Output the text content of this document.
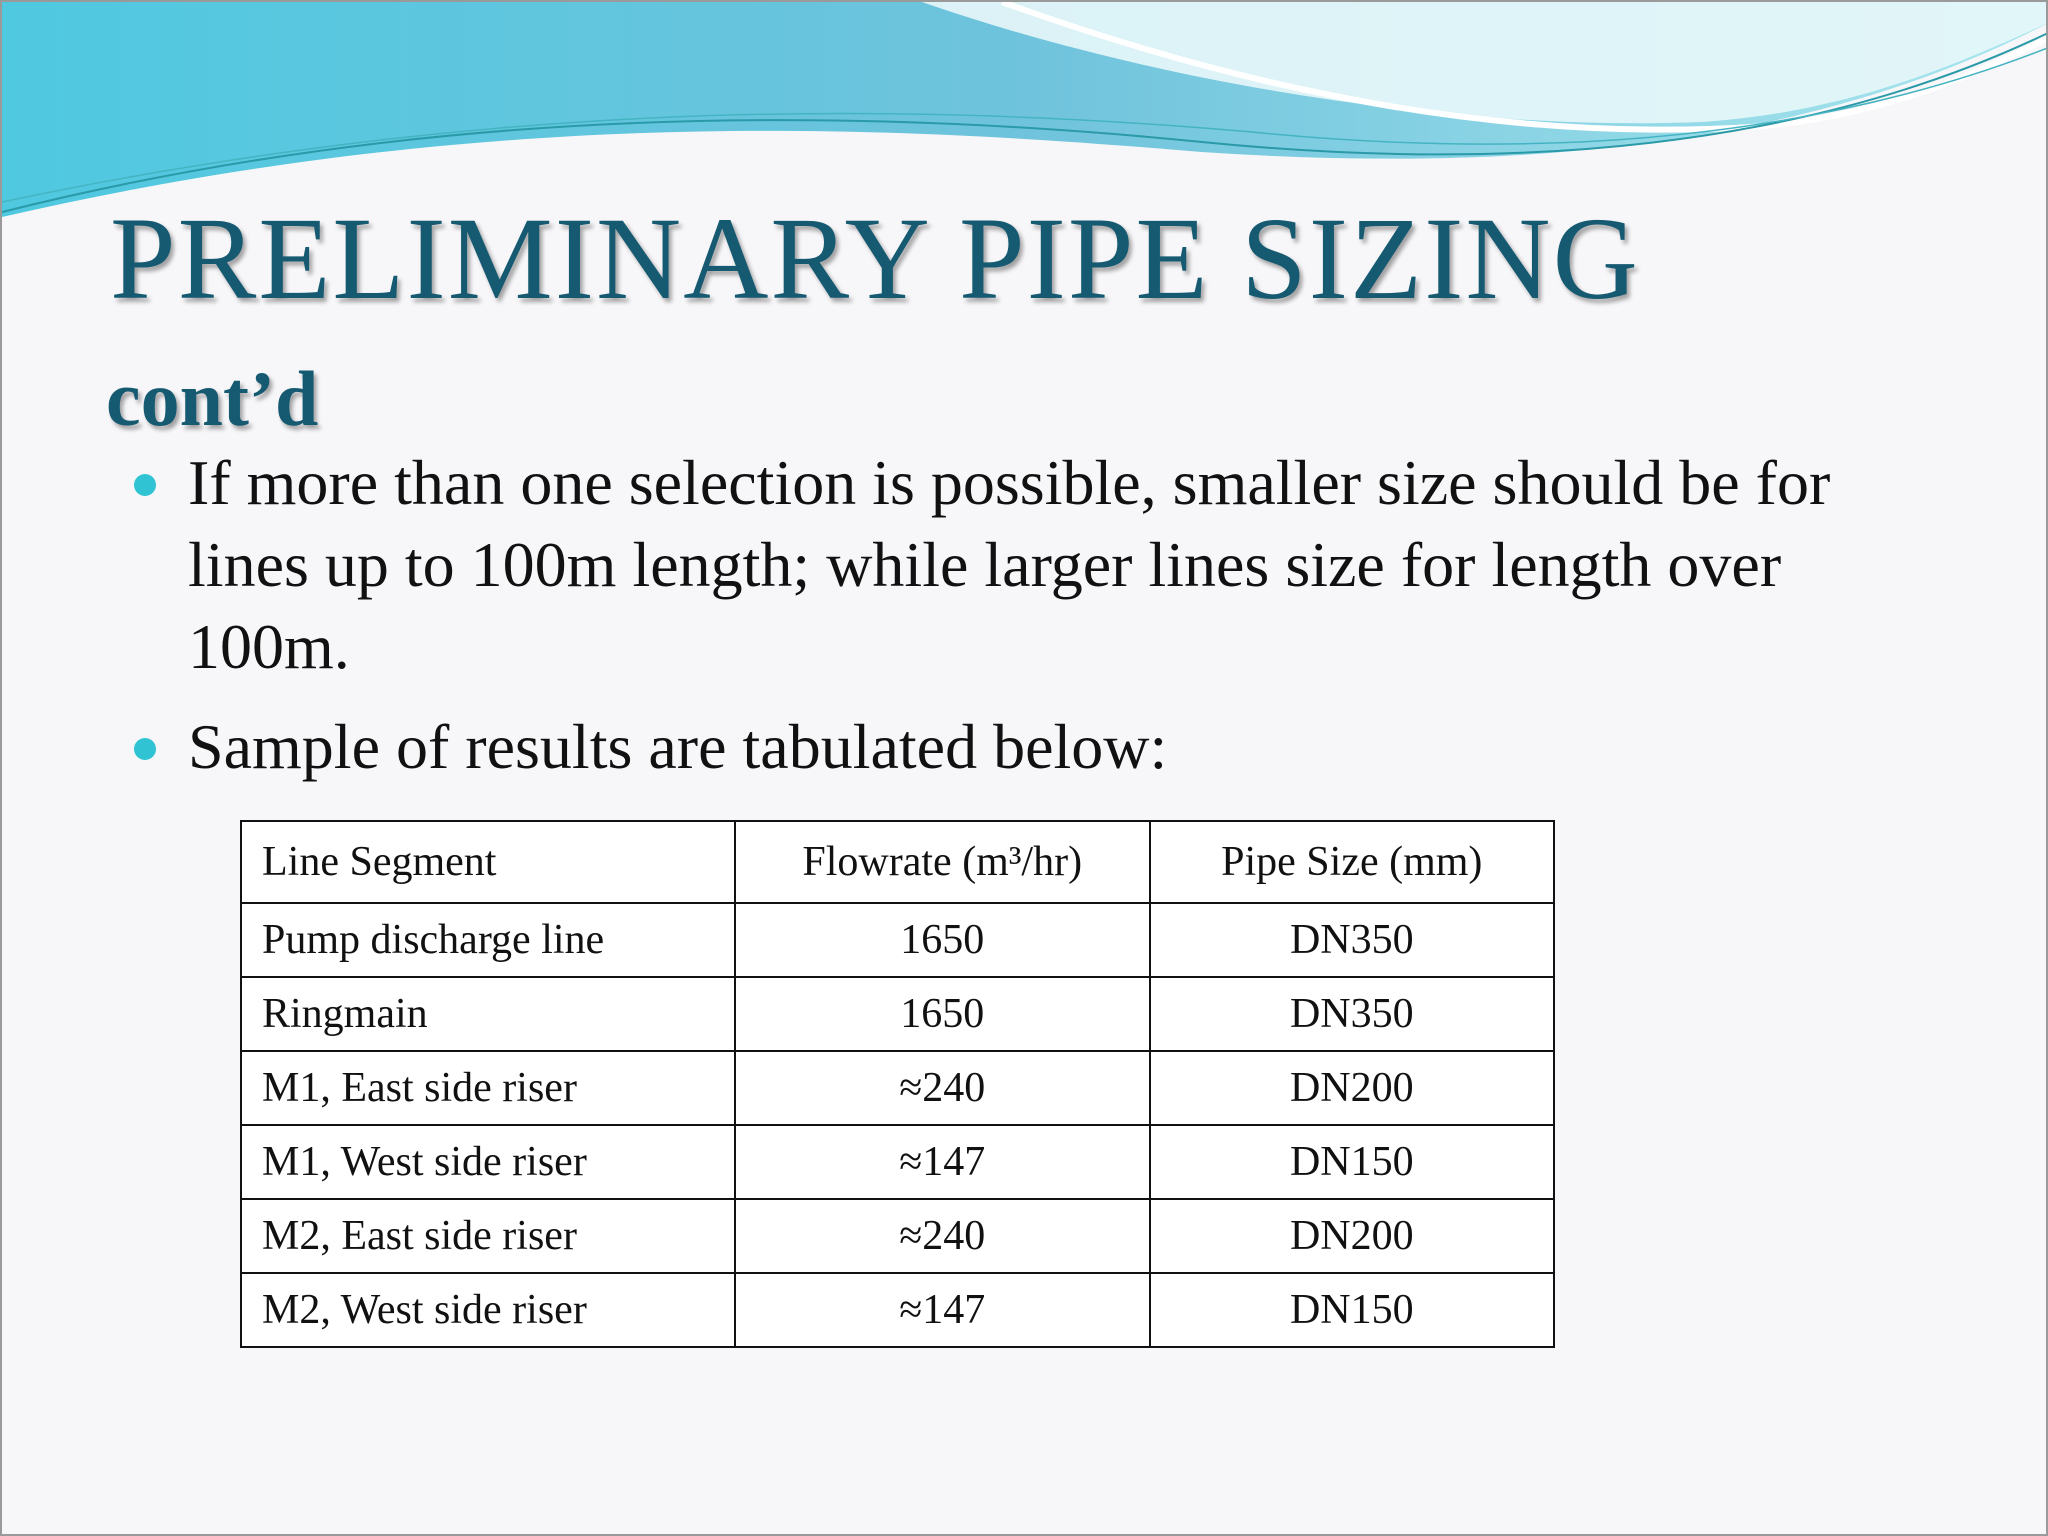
PRELIMINARY PIPE SIZING
cont’d
If more than one selection is possible, smaller size should be for lines up to 100m length; while larger lines size for length over 100m.
Sample of results are tabulated below:
Line Segment	Flowrate (m³/hr)	Pipe Size (mm)
Pump discharge line	1650	DN350
Ringmain	1650	DN350
M1, East side riser	≈240	DN200
M1, West side riser	≈147	DN150
M2, East side riser	≈240	DN200
M2, West side riser	≈147	DN150
